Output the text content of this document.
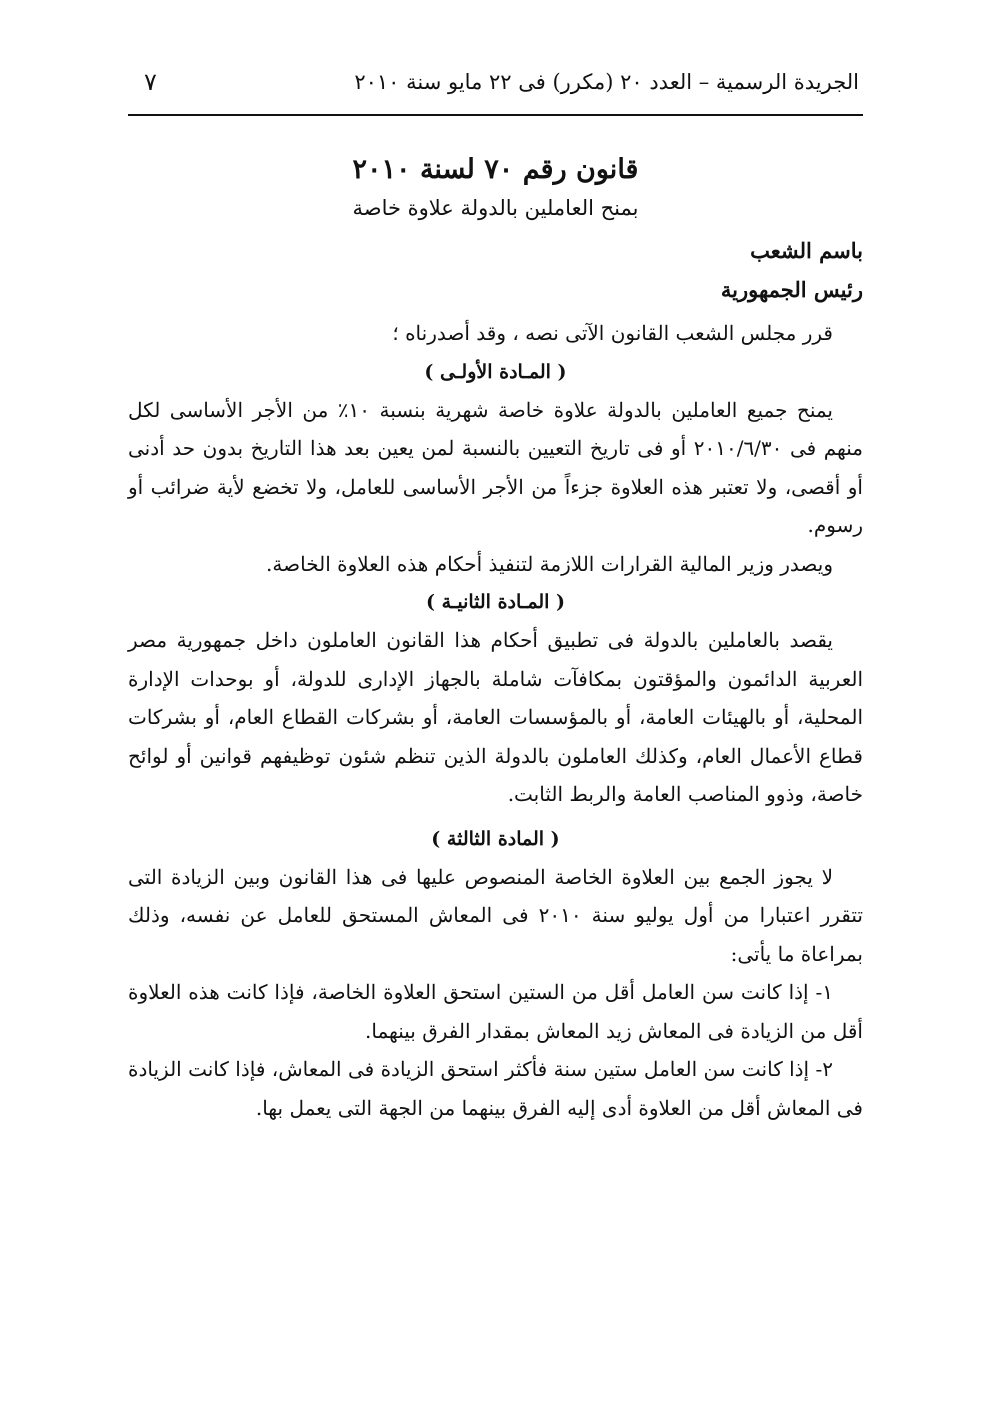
الجريدة الرسمية – العدد ٢٠ (مكرر) فى ٢٢ مايو سنة ٢٠١٠
٧
قانون رقم ٧٠ لسنة ٢٠١٠
بمنح العاملين بالدولة علاوة خاصة
باسم الشعب
رئيس الجمهورية

قرر مجلس الشعب القانون الآتى نصه ، وقد أصدرناه ؛

( المـادة الأولـى )

يمنح جميع العاملين بالدولة علاوة خاصة شهرية بنسبة ١٠٪ من الأجر الأساسى لكل منهم فى ٢٠١٠/٦/٣٠ أو فى تاريخ التعيين بالنسبة لمن يعين بعد هذا التاريخ بدون حد أدنى أو أقصى، ولا تعتبر هذه العلاوة جزءاً من الأجر الأساسى للعامل، ولا تخضع لأية ضرائب أو رسوم.

ويصدر وزير المالية القرارات اللازمة لتنفيذ أحكام هذه العلاوة الخاصة.

( المـادة الثانيـة )

يقصد بالعاملين بالدولة فى تطبيق أحكام هذا القانون العاملون داخل جمهورية مصر العربية الدائمون والمؤقتون بمكافآت شاملة بالجهاز الإدارى للدولة، أو بوحدات الإدارة المحلية، أو بالهيئات العامة، أو بالمؤسسات العامة، أو بشركات القطاع العام، أو بشركات قطاع الأعمال العام، وكذلك العاملون بالدولة الذين تنظم شئون توظيفهم قوانين أو لوائح خاصة، وذوو المناصب العامة والربط الثابت.

( المادة الثالثة )

لا يجوز الجمع بين العلاوة الخاصة المنصوص عليها فى هذا القانون وبين الزيادة التى تتقرر اعتبارا من أول يوليو سنة ٢٠١٠ فى المعاش المستحق للعامل عن نفسه، وذلك بمراعاة ما يأتى:

١- إذا كانت سن العامل أقل من الستين استحق العلاوة الخاصة، فإذا كانت هذه العلاوة أقل من الزيادة فى المعاش زيد المعاش بمقدار الفرق بينهما.

٢- إذا كانت سن العامل ستين سنة فأكثر استحق الزيادة فى المعاش، فإذا كانت الزيادة فى المعاش أقل من العلاوة أدى إليه الفرق بينهما من الجهة التى يعمل بها.
